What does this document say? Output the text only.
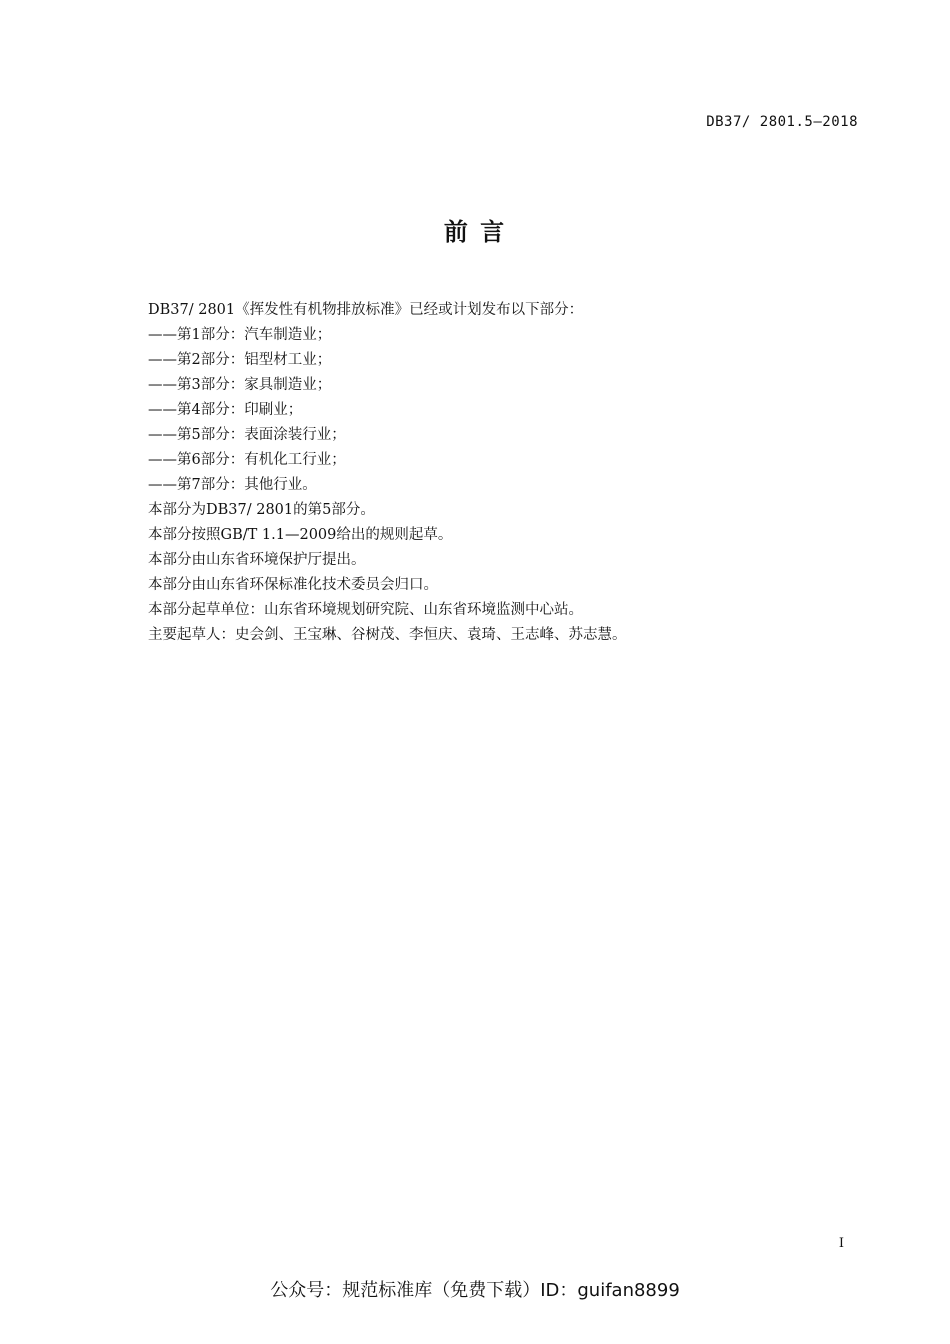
DB37/ 2801.5—2018
前 言
DB37/ 2801《挥发性有机物排放标准》已经或计划发布以下部分：
——第1部分：汽车制造业；
——第2部分：铝型材工业；
——第3部分：家具制造业；
——第4部分：印刷业；
——第5部分：表面涂装行业；
——第6部分：有机化工行业；
——第7部分：其他行业。
本部分为DB37/ 2801的第5部分。
本部分按照GB/T 1.1—2009给出的规则起草。
本部分由山东省环境保护厅提出。
本部分由山东省环保标准化技术委员会归口。
本部分起草单位：山东省环境规划研究院、山东省环境监测中心站。
主要起草人：史会剑、王宝琳、谷树茂、李恒庆、袁琦、王志峰、苏志慧。
I
公众号：规范标准库（免费下载）ID：guifan8899
